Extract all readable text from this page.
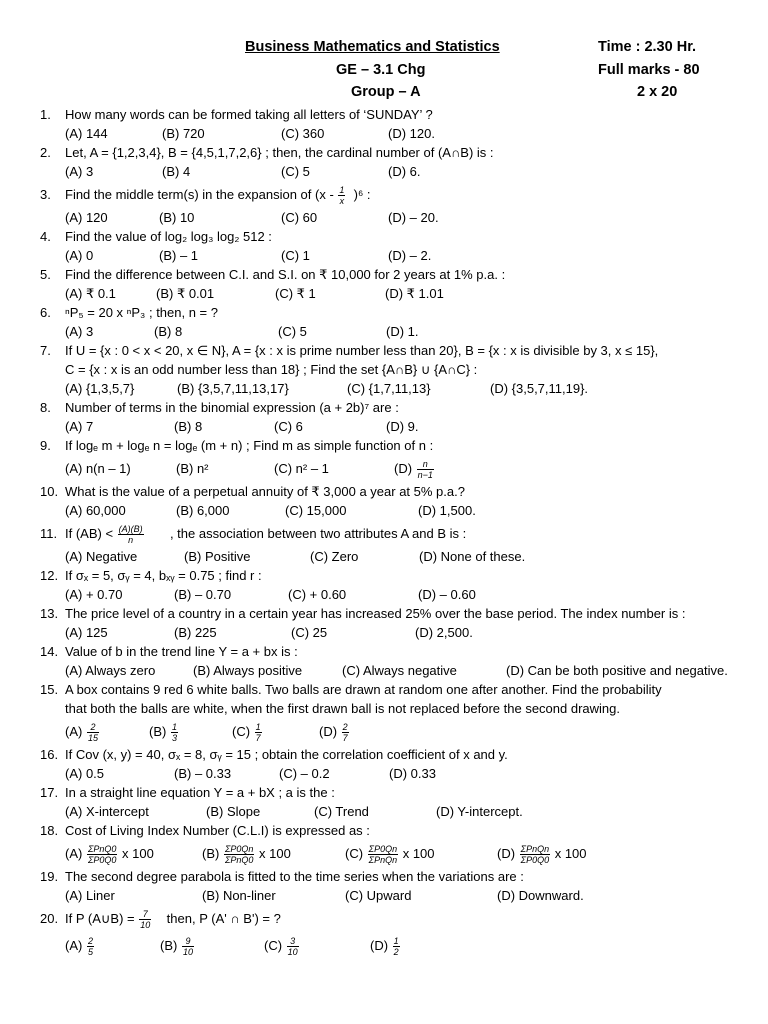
Business Mathematics and Statistics	Time : 2.30 Hr.
GE – 3.1 Chg	Full marks - 80
Group – A	2 x 20
1. How many words can be formed taking all letters of ‘SUNDAY’ ?
(A) 144	(B) 720	(C) 360	(D) 120.
2. Let, A = {1,2,3,4}, B = {4,5,1,7,2,6} ; then, the cardinal number of (A∩B) is :
(A) 3	(B) 4	(C) 5	(D) 6.
3. Find the middle term(s) in the expansion of $(x - \frac{1}{x} )^6$ :
(A) 120	(B) 10	(C) 60	(D) – 20.
4. Find the value of log₂ log₃ log₂ 512 :
(A) 0	(B) – 1	(C) 1	(D) – 2.
5. Find the difference between C.I. and S.I. on ₹ 10,000 for 2 years at 1% p.a. :
(A) ₹ 0.1	(B) ₹ 0.01	(C) ₹ 1	(D) ₹ 1.01
6. ⁿP₅ = 20 x ⁿP₃ ; then, n = ?
(A) 3	(B) 8	(C) 5	(D) 1.
7. If U = {x : 0 < x < 20, x ∈ N}, A = {x : x is prime number less than 20}, B = {x : x is divisible by 3, x ≤ 15},
C = {x : x is an odd number less than 18} ; Find the set {A∩B} ∪ {A∩C} :
(A) {1,3,5,7}	(B) {3,5,7,11,13,17}	(C) {1,7,11,13}	(D) {3,5,7,11,19}.
8. Number of terms in the binomial expression (a + 2b)⁷ are :
(A) 7	(B) 8	(C) 6	(D) 9.
9. If logₑ m + logₑ n = logₑ (m + n) ; Find m as simple function of n :
(A) n(n – 1)	(B) n²	(C) n² – 1	$(D) \frac{n}{n-1}$
10. What is the value of a perpetual annuity of ₹ 3,000 a year at 5% p.a.?
(A) 60,000	(B) 6,000	(C) 15,000	(D) 1,500.
11. If $(AB) < \frac{(A)(B)}{n}$ , the association between two attributes A and B is :
(A) Negative	(B) Positive	(C) Zero	(D) None of these.
12. If σₓ = 5, σᵧ = 4, bₓᵧ = 0.75 ; find r :
(A) + 0.70	(B) – 0.70	(C) + 0.60	(D) – 0.60
13. The price level of a country in a certain year has increased 25% over the base period. The index number is :
(A) 125	(B) 225	(C) 25	(D) 2,500.
14. Value of b in the trend line Y = a + bx is :
(A) Always zero	(B) Always positive	(C) Always negative	(D) Can be both positive and negative.
15. A box contains 9 red 6 white balls. Two balls are drawn at random one after another. Find the probability
that both the balls are white, when the first drawn ball is not replaced before the second drawing.
$(A) \frac{2}{15}$	$(B) \frac{1}{3}$	$(C) \frac{1}{7}$	$(D) \frac{2}{7}$
16. If Cov (x, y) = 40, σₓ = 8, σᵧ = 15 ; obtain the correlation coefficient of x and y.
(A) 0.5	(B) – 0.33	(C) – 0.2	(D) 0.33
17. In a straight line equation Y = a + bX ; a is the :
(A) X-intercept	(B) Slope	(C) Trend	(D) Y-intercept.
18. Cost of Living Index Number (C.L.I) is expressed as :
$(A) \frac{\text{ΣPnQ0}}{\Sigma P0Q0}$ x 100	$(B) \frac{\Sigma P0Qn}{\text{ΣPnQ0}}$ x 100	$(C) \frac{\Sigma P0Qn}{\text{ΣPnQn}}$ x 100	$(D) \frac{\text{ΣPnQn}}{\Sigma P0Q0}$ x 100
19. The second degree parabola is fitted to the time series when the variations are :
(A) Liner	(B) Non-liner	(C) Upward	(D) Downward.
20. If P (A∪B) = $\frac{7}{10}$ then, P (A' ∩ B') = ?
$(A) \frac{2}{5}$	$(B) \frac{9}{10}$	$(C) \frac{3}{10}$	$(D) \frac{1}{2}$
